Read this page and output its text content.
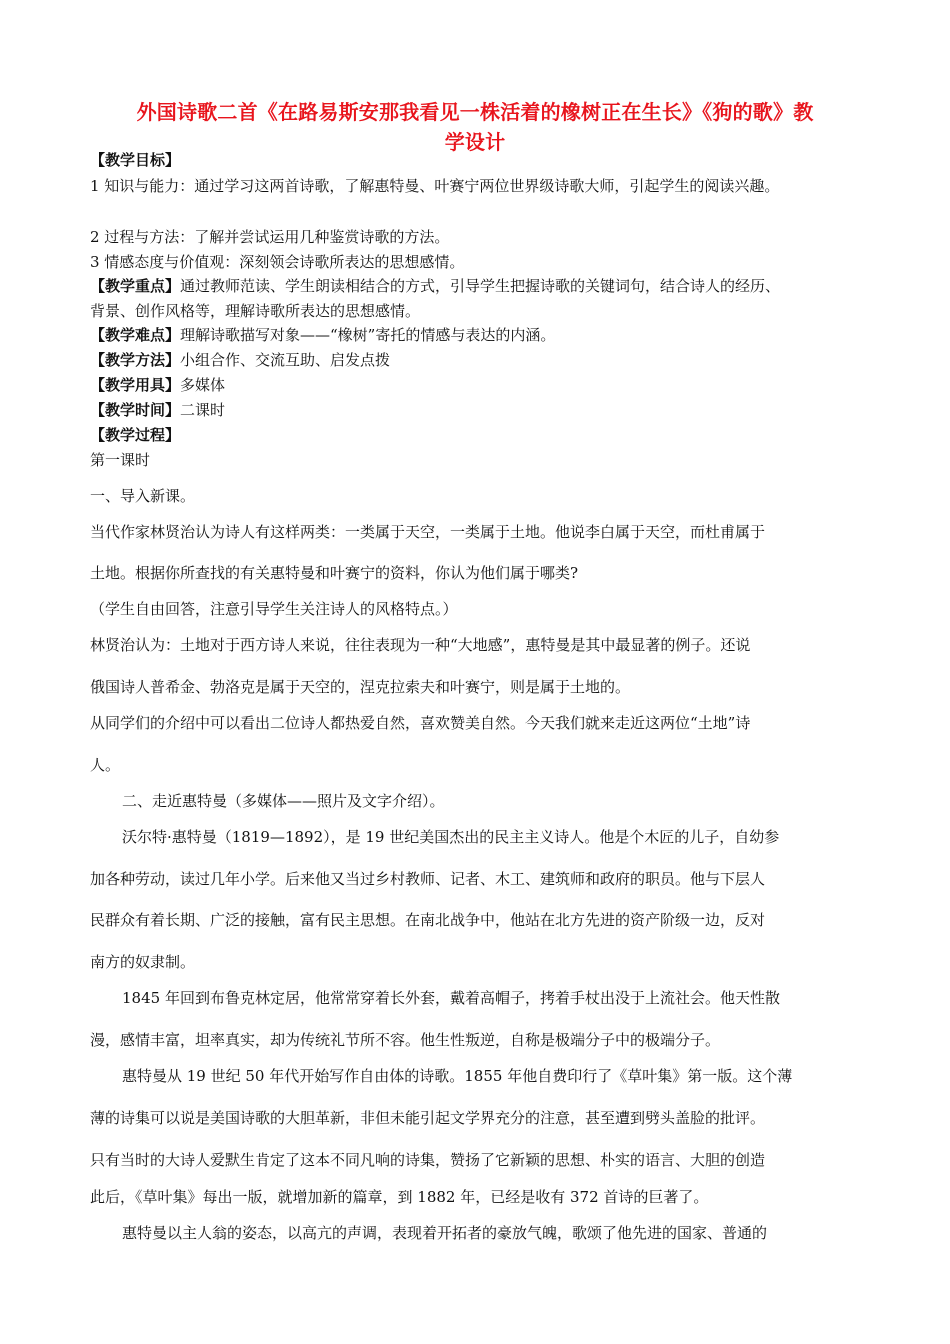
外国诗歌二首《在路易斯安那我看见一株活着的橡树正在生长》《狗的歌》教
学设计
【教学目标】
1 知识与能力：通过学习这两首诗歌，了解惠特曼、叶赛宁两位世界级诗歌大师，引起学生的阅读兴趣。
2 过程与方法：了解并尝试运用几种鉴赏诗歌的方法。
3 情感态度与价值观：深刻领会诗歌所表达的思想感情。
【教学重点】通过教师范读、学生朗读相结合的方式，引导学生把握诗歌的关键词句，结合诗人的经历、
背景、创作风格等，理解诗歌所表达的思想感情。
【教学难点】理解诗歌描写对象——“橡树”寄托的情感与表达的内涵。
【教学方法】小组合作、交流互助、启发点拨
【教学用具】多媒体
【教学时间】二课时
【教学过程】
第一课时
一、导入新课。
当代作家林贤治认为诗人有这样两类：一类属于天空，一类属于土地。他说李白属于天空，而杜甫属于
土地。根据你所查找的有关惠特曼和叶赛宁的资料，你认为他们属于哪类?
（学生自由回答，注意引导学生关注诗人的风格特点。）
林贤治认为：土地对于西方诗人来说，往往表现为一种“大地感”，惠特曼是其中最显著的例子。还说
俄国诗人普希金、勃洛克是属于天空的，涅克拉索夫和叶赛宁，则是属于土地的。
从同学们的介绍中可以看出二位诗人都热爱自然，喜欢赞美自然。今天我们就来走近这两位“土地”诗
人。
二、走近惠特曼（多媒体——照片及文字介绍）。
沃尔特·惠特曼（1819—1892），是 19 世纪美国杰出的民主主义诗人。他是个木匠的儿子，自幼参
加各种劳动，读过几年小学。后来他又当过乡村教师、记者、木工、建筑师和政府的职员。他与下层人
民群众有着长期、广泛的接触，富有民主思想。在南北战争中，他站在北方先进的资产阶级一边，反对
南方的奴隶制。
1845 年回到布鲁克林定居，他常常穿着长外套，戴着高帽子，拷着手杖出没于上流社会。他天性散
漫，感情丰富，坦率真实，却为传统礼节所不容。他生性叛逆，自称是极端分子中的极端分子。
惠特曼从 19 世纪 50 年代开始写作自由体的诗歌。1855 年他自费印行了《草叶集》第一版。这个薄
薄的诗集可以说是美国诗歌的大胆革新，非但未能引起文学界充分的注意，甚至遭到劈头盖脸的批评。
只有当时的大诗人爱默生肯定了这本不同凡响的诗集，赞扬了它新颖的思想、朴实的语言、大胆的创造
此后，《草叶集》每出一版，就增加新的篇章，到 1882 年，已经是收有 372 首诗的巨著了。
惠特曼以主人翁的姿态，以高亢的声调，表现着开拓者的豪放气魄，歌颂了他先进的国家、普通的
